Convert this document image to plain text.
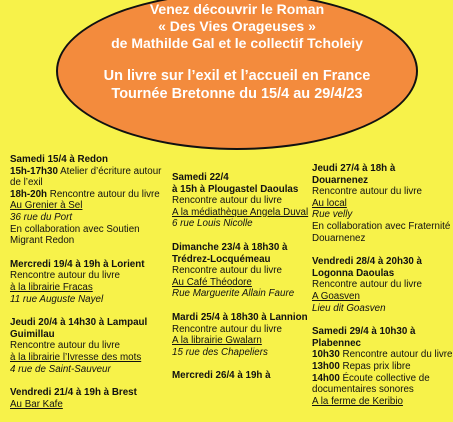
Venez découvrir le Roman
« Des Vies Orageuses »
de Mathilde Gal et le collectif Tcholeiy
Un livre sur l’exil et l’accueil en France
Tournée Bretonne du 15/4 au 29/4/23
Samedi 15/4 à Redon
15h-17h30 Atelier d’écriture autour de l’exil
18h-20h Rencontre autour du livre
Au Grenier à Sel
36 rue du Port
En collaboration avec Soutien Migrant Redon
Mercredi 19/4 à 19h à Lorient
Rencontre autour du livre
à la librairie Fracas
11 rue Auguste Nayel
Jeudi 20/4 à 14h30 à Lampaul Guimillau
Rencontre autour du livre
à la librairie l’Ivresse des mots
4 rue de Saint-Sauveur
Vendredi 21/4 à 19h à Brest
Au Bar Kafe
Samedi 22/4
à 15h à Plougastel Daoulas
Rencontre autour du livre
A la médiathèque Angela Duval
6 rue Louis Nicolle
Dimanche 23/4 à 18h30 à Trédrez-Locquémeau
Rencontre autour du livre
Au Café Théodore
Rue Marguerite Allain Faure
Mardi 25/4 à 18h30 à Lannion
Rencontre autour du livre
A la librairie Gwalarn
15 rue des Chapeliers
Mercredi 26/4 à 19h à
Jeudi 27/4 à 18h à Douarnenez
Rencontre autour du livre
Au local
Rue velly
En collaboration avec Fraternité Douarnenez
Vendredi 28/4 à 20h30 à Logonna Daoulas
Rencontre autour du livre
A Goasven
Lieu dit Goasven
Samedi 29/4 à 10h30 à Plabennec
10h30 Rencontre autour du livre
13h00 Repas prix libre
14h00 Écoute collective de documentaires sonores
A la ferme de Keribio
